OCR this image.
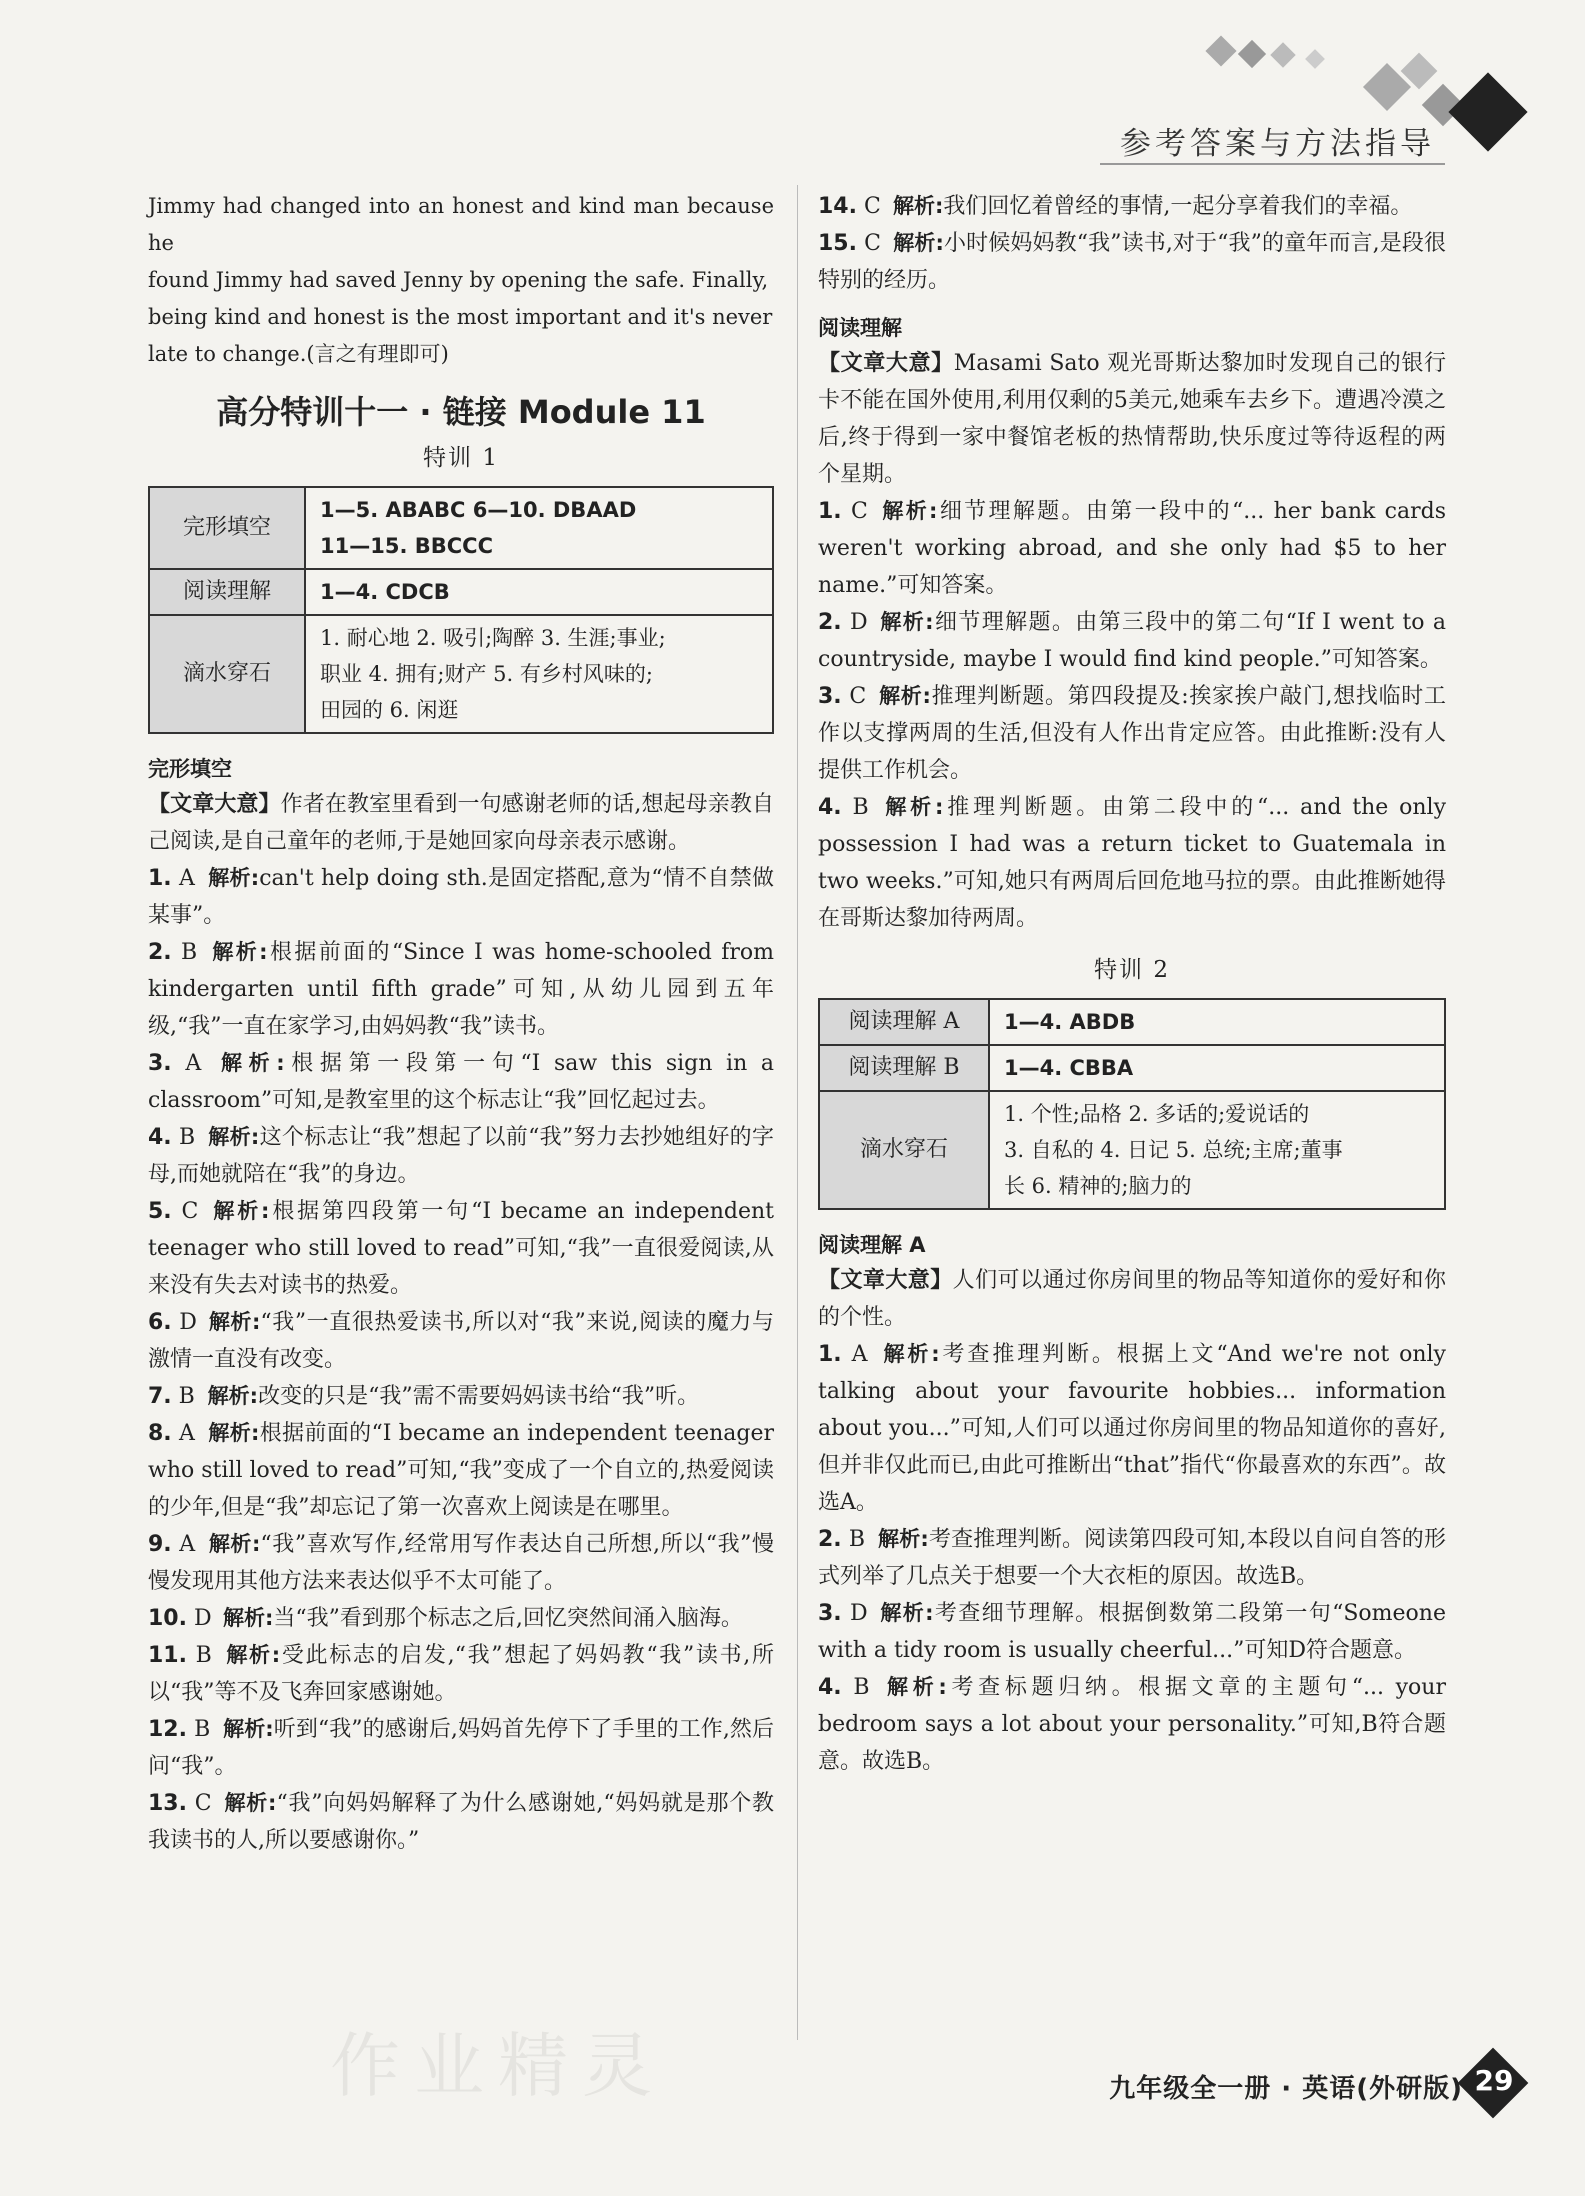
参考答案与方法指导
Jimmy had changed into an honest and kind man because he
found Jimmy had saved Jenny by opening the safe. Finally,
being kind and honest is the most important and it's never
late to change.(言之有理即可)
高分特训十一 · 链接 Module 11
特训 1
完形填空	1—5. ABABC 6—10. DBAAD
11—15. BBCCC

阅读理解	1—4. CDCB

滴水穿石	1. 耐心地 2. 吸引;陶醉 3. 生涯;事业;
职业 4. 拥有;财产 5. 有乡村风味的;
田园的 6. 闲逛
完形填空
【文章大意】作者在教室里看到一句感谢老师的话,想起母亲教自己阅读,是自己童年的老师,于是她回家向母亲表示感谢。
1. A 解析:can't help doing sth.是固定搭配,意为“情不自禁做某事”。
2. B 解析:根据前面的“Since I was home-schooled from kindergarten until fifth grade”可知,从幼儿园到五年级,“我”一直在家学习,由妈妈教“我”读书。
3. A 解析:根据第一段第一句“I saw this sign in a classroom”可知,是教室里的这个标志让“我”回忆起过去。
4. B 解析:这个标志让“我”想起了以前“我”努力去抄她组好的字母,而她就陪在“我”的身边。
5. C 解析:根据第四段第一句“I became an independent teenager who still loved to read”可知,“我”一直很爱阅读,从来没有失去对读书的热爱。
6. D 解析:“我”一直很热爱读书,所以对“我”来说,阅读的魔力与激情一直没有改变。
7. B 解析:改变的只是“我”需不需要妈妈读书给“我”听。
8. A 解析:根据前面的“I became an independent teenager who still loved to read”可知,“我”变成了一个自立的,热爱阅读的少年,但是“我”却忘记了第一次喜欢上阅读是在哪里。
9. A 解析:“我”喜欢写作,经常用写作表达自己所想,所以“我”慢慢发现用其他方法来表达似乎不太可能了。
10. D 解析:当“我”看到那个标志之后,回忆突然间涌入脑海。
11. B 解析:受此标志的启发,“我”想起了妈妈教“我”读书,所以“我”等不及飞奔回家感谢她。
12. B 解析:听到“我”的感谢后,妈妈首先停下了手里的工作,然后问“我”。
13. C 解析:“我”向妈妈解释了为什么感谢她,“妈妈就是那个教我读书的人,所以要感谢你。”
14. C 解析:我们回忆着曾经的事情,一起分享着我们的幸福。
15. C 解析:小时候妈妈教“我”读书,对于“我”的童年而言,是段很特别的经历。
阅读理解
【文章大意】Masami Sato 观光哥斯达黎加时发现自己的银行卡不能在国外使用,利用仅剩的5美元,她乘车去乡下。遭遇冷漠之后,终于得到一家中餐馆老板的热情帮助,快乐度过等待返程的两个星期。
1. C 解析:细节理解题。由第一段中的“... her bank cards weren't working abroad, and she only had $5 to her name.”可知答案。
2. D 解析:细节理解题。由第三段中的第二句“If I went to a countryside, maybe I would find kind people.”可知答案。
3. C 解析:推理判断题。第四段提及:挨家挨户敲门,想找临时工作以支撑两周的生活,但没有人作出肯定应答。由此推断:没有人提供工作机会。
4. B 解析:推理判断题。由第二段中的“... and the only possession I had was a return ticket to Guatemala in two weeks.”可知,她只有两周后回危地马拉的票。由此推断她得在哥斯达黎加待两周。
特训 2
阅读理解 A	1—4. ABDB

阅读理解 B	1—4. CBBA

滴水穿石	1. 个性;品格 2. 多话的;爱说话的
3. 自私的 4. 日记 5. 总统;主席;董事
长 6. 精神的;脑力的
阅读理解 A
【文章大意】人们可以通过你房间里的物品等知道你的爱好和你的个性。
1. A 解析:考查推理判断。根据上文“And we're not only talking about your favourite hobbies... information about you...”可知,人们可以通过你房间里的物品知道你的喜好,但并非仅此而已,由此可推断出“that”指代“你最喜欢的东西”。故选A。
2. B 解析:考查推理判断。阅读第四段可知,本段以自问自答的形式列举了几点关于想要一个大衣柜的原因。故选B。
3. D 解析:考查细节理解。根据倒数第二段第一句“Someone with a tidy room is usually cheerful...”可知D符合题意。
4. B 解析:考查标题归纳。根据文章的主题句“... your bedroom says a lot about your personality.”可知,B符合题意。故选B。
作业精灵	九年级全一册 · 英语(外研版) 29
